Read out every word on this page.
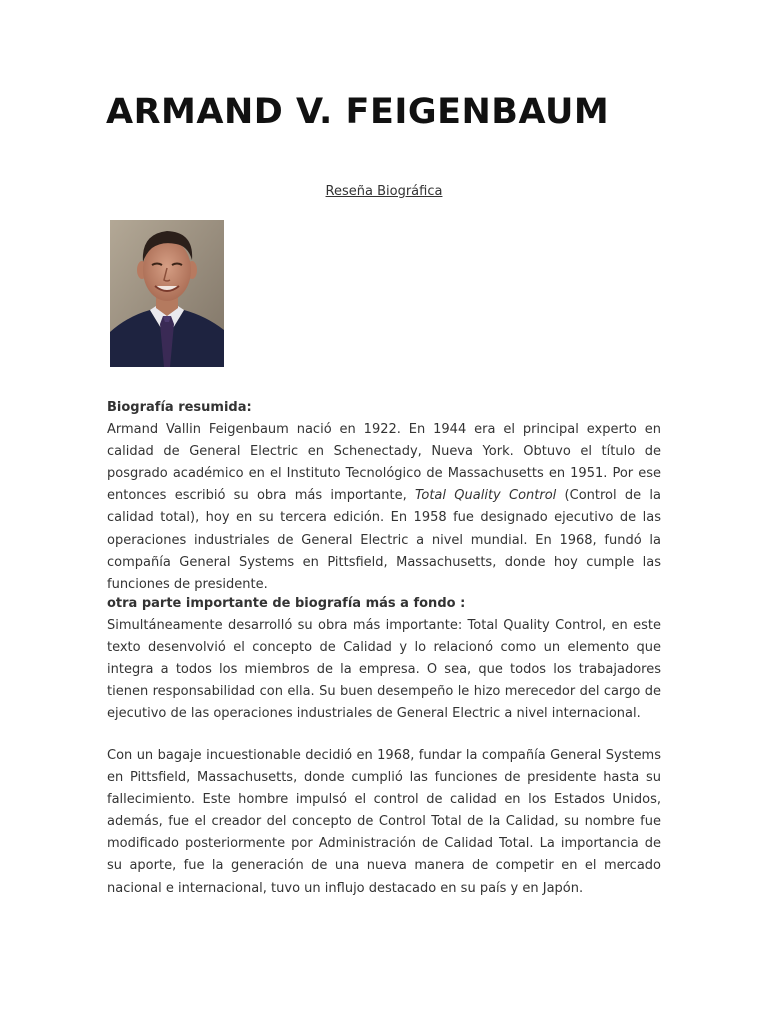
ARMAND V. FEIGENBAUM
Reseña Biográfica
Biografía resumida:

Armand Vallin Feigenbaum nació en 1922. En 1944 era el principal experto en calidad de General Electric en Schenectady, Nueva York. Obtuvo el título de posgrado académico en el Instituto Tecnológico de Massachusetts en 1951. Por ese entonces escribió su obra más importante, Total Quality Control (Control de la calidad total), hoy en su tercera edición. En 1958 fue designado ejecutivo de las operaciones industriales de General Electric a nivel mundial. En 1968, fundó la compañía General Systems en Pittsfield, Massachusetts, donde hoy cumple las funciones de presidente.

otra parte importante de biografía más a fondo :

Simultáneamente desarrolló su obra más importante: Total Quality Control, en este texto desenvolvió el concepto de Calidad y lo relacionó como un elemento que integra a todos los miembros de la empresa. O sea, que todos los trabajadores tienen responsabilidad con ella. Su buen desempeño le hizo merecedor del cargo de ejecutivo de las operaciones industriales de General Electric a nivel internacional.

Con un bagaje incuestionable decidió en 1968, fundar la compañía General Systems en Pittsfield, Massachusetts, donde cumplió las funciones de presidente hasta su fallecimiento. Este hombre impulsó el control de calidad en los Estados Unidos, además, fue el creador del concepto de Control Total de la Calidad, su nombre fue modificado posteriormente por Administración de Calidad Total. La importancia de su aporte, fue la generación de una nueva manera de competir en el mercado nacional e internacional, tuvo un influjo destacado en su país y en Japón.
